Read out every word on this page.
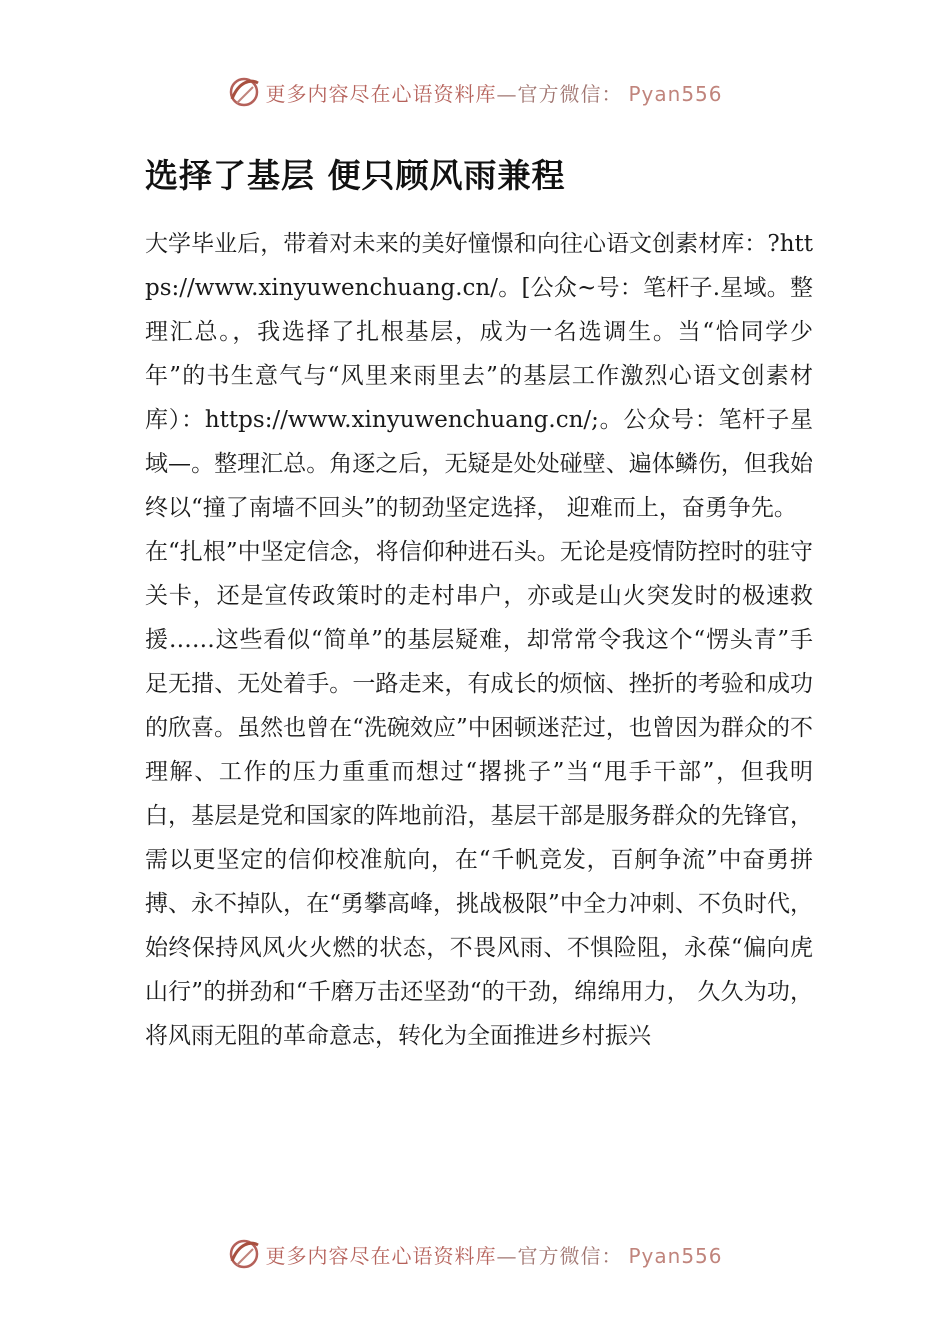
更多内容尽在心语资料库—官方微信： Pyan556
选择了基层 便只顾风雨兼程

大学毕业后，带着对未来的美好憧憬和向往心语文创素材库：?https://www.xinyuwenchuang.cn/。[公众~号：笔杆子.星域。整理汇总。，我选择了扎根基层，成为一名选调生。当“恰同学少年”的书生意气与“风里来雨里去”的基层工作激烈心语文创素材库）：https://www.xinyuwenchuang.cn/;。公众号：笔杆子星域—。整理汇总。角逐之后，无疑是处处碰壁、遍体鳞伤，但我始终以“撞了南墙不回头”的韧劲坚定选择， 迎难而上，奋勇争先。

在“扎根”中坚定信念，将信仰种进石头。无论是疫情防控时的驻守关卡，还是宣传政策时的走村串户，亦或是山火突发时的极速救援……这些看似“简单”的基层疑难，却常常令我这个“愣头青”手足无措、无处着手。一路走来，有成长的烦恼、挫折的考验和成功的欣喜。虽然也曾在“洗碗效应”中困顿迷茫过，也曾因为群众的不理解、工作的压力重重而想过“撂挑子”当“甩手干部”，但我明白，基层是党和国家的阵地前沿，基层干部是服务群众的先锋官，需以更坚定的信仰校准航向，在“千帆竞发，百舸争流”中奋勇拼搏、永不掉队，在“勇攀高峰，挑战极限”中全力冲刺、不负时代，始终保持风风火火燃的状态，不畏风雨、不惧险阻，永葆“偏向虎山行”的拼劲和“千磨万击还坚劲“的干劲，绵绵用力， 久久为功，将风雨无阻的革命意志，转化为全面推进乡村振兴

更多内容尽在心语资料库—官方微信： Pyan556
